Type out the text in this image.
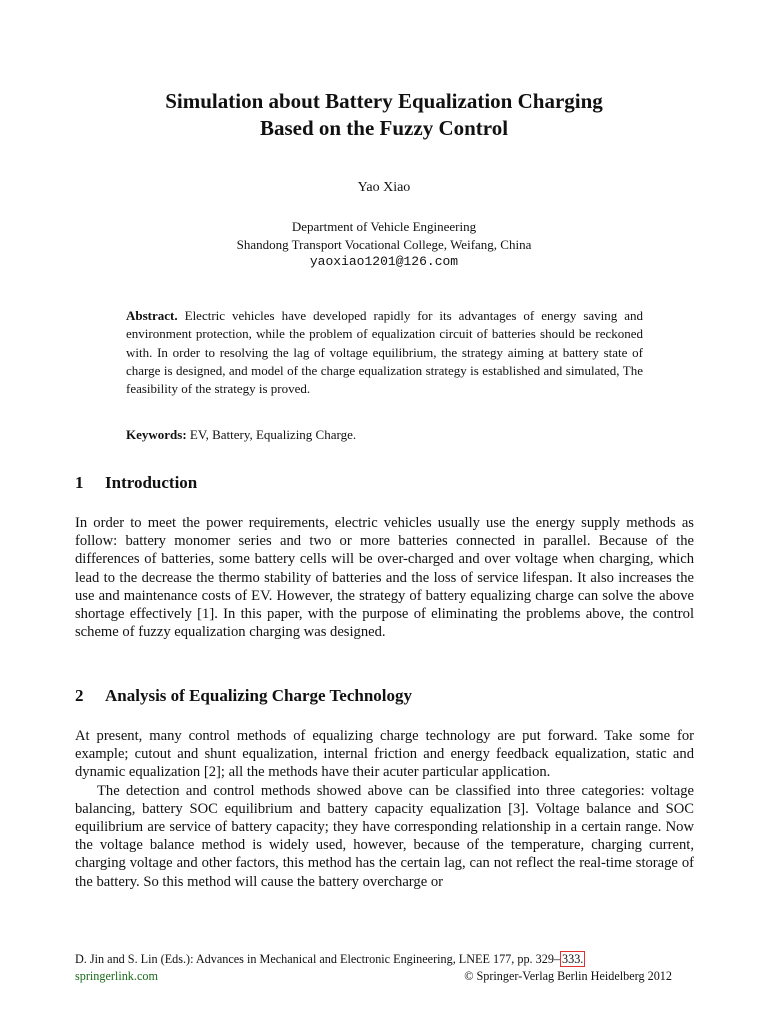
Simulation about Battery Equalization Charging
Based on the Fuzzy Control
Yao Xiao
Department of Vehicle Engineering
Shandong Transport Vocational College, Weifang, China
yaoxiao1201@126.com
Abstract. Electric vehicles have developed rapidly for its advantages of energy saving and environment protection, while the problem of equalization circuit of batteries should be reckoned with. In order to resolving the lag of voltage equilibrium, the strategy aiming at battery state of charge is designed, and model of the charge equalization strategy is established and simulated, The feasibility of the strategy is proved.
Keywords: EV, Battery, Equalizing Charge.
1 Introduction

In order to meet the power requirements, electric vehicles usually use the energy supply methods as follow: battery monomer series and two or more batteries connected in parallel. Because of the differences of batteries, some battery cells will be over-charged and over voltage when charging, which lead to the decrease the thermo stability of batteries and the loss of service lifespan. It also increases the use and maintenance costs of EV. However, the strategy of battery equalizing charge can solve the above shortage effectively [1]. In this paper, with the purpose of eliminating the problems above, the control scheme of fuzzy equalization charging was designed.

2 Analysis of Equalizing Charge Technology

At present, many control methods of equalizing charge technology are put forward. Take some for example; cutout and shunt equalization, internal friction and energy feedback equalization, static and dynamic equalization [2]; all the methods have their acuter particular application.

The detection and control methods showed above can be classified into three categories: voltage balancing, battery SOC equilibrium and battery capacity equalization [3]. Voltage balance and SOC equilibrium are service of battery capacity; they have corresponding relationship in a certain range. Now the voltage balance method is widely used, however, because of the temperature, charging current, charging voltage and other factors, this method has the certain lag, can not reflect the real-time storage of the battery. So this method will cause the battery overcharge or

D. Jin and S. Lin (Eds.): Advances in Mechanical and Electronic Engineering, LNEE 177, pp. 329– 333.
springerlink.com	© Springer-Verlag Berlin Heidelberg 2012
